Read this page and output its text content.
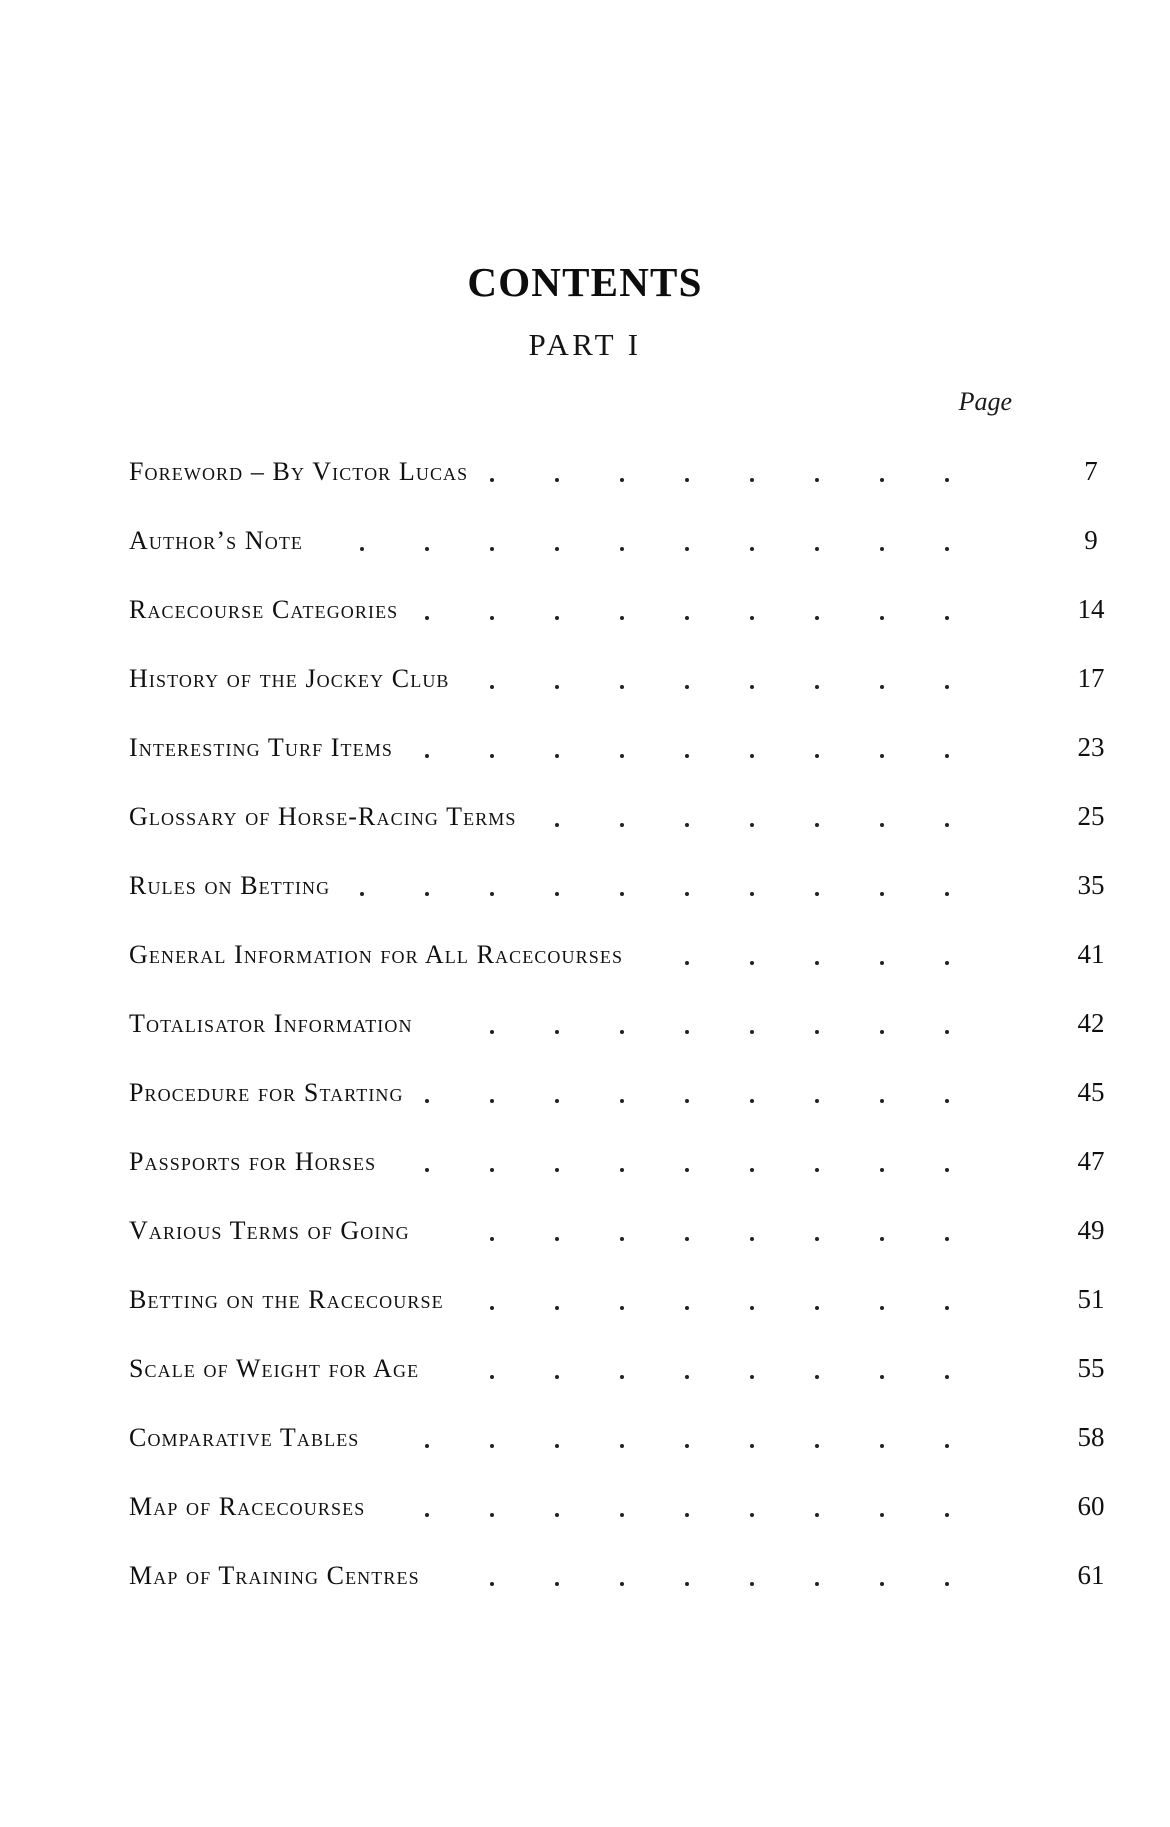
CONTENTS
PART I
Page
Foreword – By Victor Lucas	7
Author’s Note	9
Racecourse Categories	14
History of the Jockey Club	17
Interesting Turf Items	23
Glossary of Horse-Racing Terms	25
Rules on Betting	35
General Information for All Racecourses	41
Totalisator Information	42
Procedure for Starting	45
Passports for Horses	47
Various Terms of Going	49
Betting on the Racecourse	51
Scale of Weight for Age	55
Comparative Tables	58
Map of Racecourses	60
Map of Training Centres	61
